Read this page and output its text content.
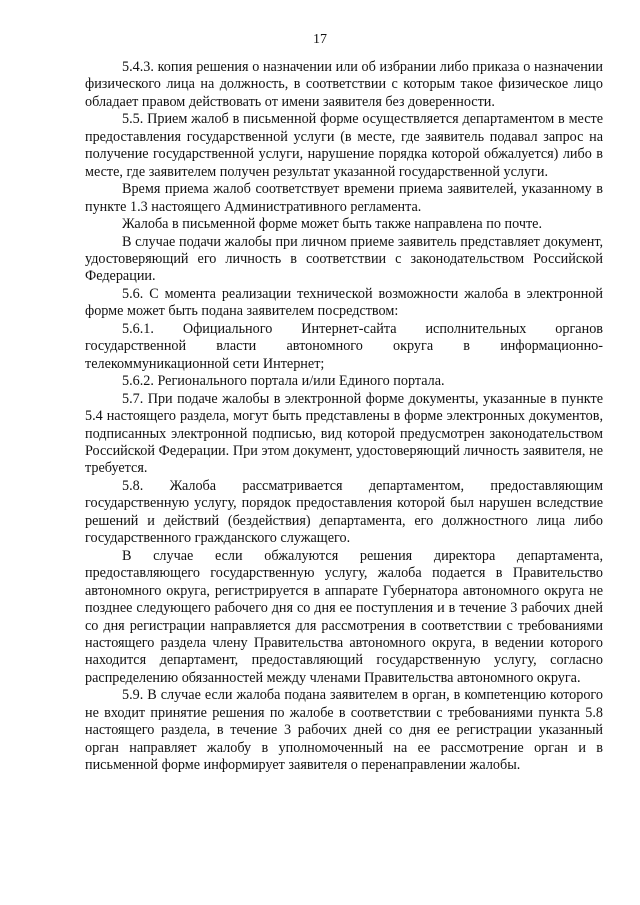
17

5.4.3. копия решения о назначении или об избрании либо приказа о назначении физического лица на должность, в соответствии с которым такое физическое лицо обладает правом действовать от имени заявителя без доверенности.

5.5. Прием жалоб в письменной форме осуществляется департаментом в месте предоставления государственной услуги (в месте, где заявитель подавал запрос на получение государственной услуги, нарушение порядка которой обжалуется) либо в месте, где заявителем получен результат указанной государственной услуги.

Время приема жалоб соответствует времени приема заявителей, указанному в пункте 1.3 настоящего Административного регламента.

Жалоба в письменной форме может быть также направлена по почте.

В случае подачи жалобы при личном приеме заявитель представляет документ, удостоверяющий его личность в соответствии с законодательством Российской Федерации.

5.6. С момента реализации технической возможности жалоба в электронной форме может быть подана заявителем посредством:

5.6.1. Официального Интернет-сайта исполнительных органов государственной власти автономного округа в информационно-телекоммуникационной сети Интернет;

5.6.2. Регионального портала и/или Единого портала.

5.7. При подаче жалобы в электронной форме документы, указанные в пункте 5.4 настоящего раздела, могут быть представлены в форме электронных документов, подписанных электронной подписью, вид которой предусмотрен законодательством Российской Федерации. При этом документ, удостоверяющий личность заявителя, не требуется.

5.8. Жалоба рассматривается департаментом, предоставляющим государственную услугу, порядок предоставления которой был нарушен вследствие решений и действий (бездействия) департамента, его должностного лица либо государственного гражданского служащего.

В случае если обжалуются решения директора департамента, предоставляющего государственную услугу, жалоба подается в Правительство автономного округа, регистрируется в аппарате Губернатора автономного округа не позднее следующего рабочего дня со дня ее поступления и в течение 3 рабочих дней со дня регистрации направляется для рассмотрения в соответствии с требованиями настоящего раздела члену Правительства автономного округа, в ведении которого находится департамент, предоставляющий государственную услугу, согласно распределению обязанностей между членами Правительства автономного округа.

5.9. В случае если жалоба подана заявителем в орган, в компетенцию которого не входит принятие решения по жалобе в соответствии с требованиями пункта 5.8 настоящего раздела, в течение 3 рабочих дней со дня ее регистрации указанный орган направляет жалобу в уполномоченный на ее рассмотрение орган и в письменной форме информирует заявителя о перенаправлении жалобы.
